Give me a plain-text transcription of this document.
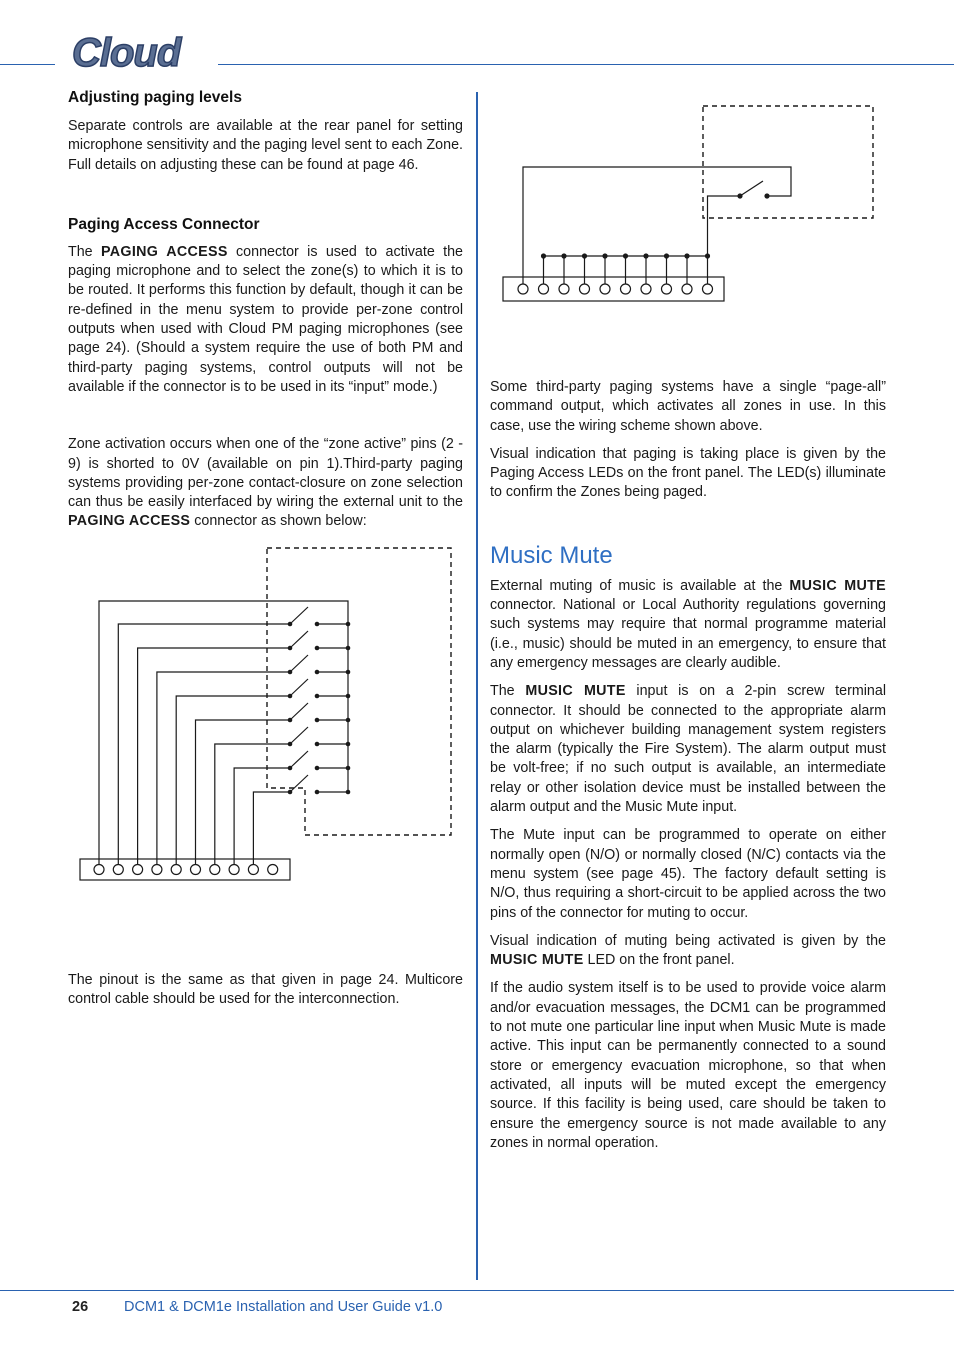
Cloud
Adjusting paging levels

Separate controls are available at the rear panel for setting microphone sensitivity and the paging level sent to each Zone. Full details on adjusting these can be found at page 46.

Paging Access Connector

The PAGING ACCESS connector is used to activate the paging microphone and to select the zone(s) to which it is to be routed. It performs this function by default, though it can be re-defined in the menu system to provide per-zone control outputs when used with Cloud PM paging microphones (see page 24). (Should a system require the use of both PM and third-party paging systems, control outputs will not be available if the connector is to be used in its “input” mode.)

Zone activation occurs when one of the “zone active” pins (2 - 9) is shorted to 0V (available on pin 1).Third-party paging systems providing per-zone contact-closure on zone selection can thus be easily interfaced by wiring the external unit to the PAGING ACCESS connector as shown below:

The pinout is the same as that given in page 24. Multicore control cable should be used for the interconnection.

Some third-party paging systems have a single “page-all” command output, which activates all zones in use. In this case, use the wiring scheme shown above.

Visual indication that paging is taking place is given by the Paging Access LEDs on the front panel. The LED(s) illuminate to confirm the Zones being paged.

Music Mute

External muting of music is available at the MUSIC MUTE connector. National or Local Authority regulations governing such systems may require that normal programme material (i.e., music) should be muted in an emergency, to ensure that any emergency messages are clearly audible.

The MUSIC MUTE input is on a 2-pin screw terminal connector. It should be connected to the appropriate alarm output on whichever building management system registers the alarm (typically the Fire System). The alarm output must be volt-free; if no such output is available, an intermediate relay or other isolation device must be installed between the alarm output and the Music Mute input.

The Mute input can be programmed to operate on either normally open (N/O) or normally closed (N/C) contacts via the menu system (see page 45). The factory default setting is N/O, thus requiring a short-circuit to be applied across the two pins of the connector for muting to occur.

Visual indication of muting being activated is given by the MUSIC MUTE LED on the front panel.

If the audio system itself is to be used to provide voice alarm and/or evacuation messages, the DCM1 can be programmed to not mute one particular line input when Music Mute is made active. This input can be permanently connected to a sound store or emergency evacuation microphone, so that when activated, all inputs will be muted except the emergency source. If this facility is being used, care should be taken to ensure the emergency source is not made available to any zones in normal operation.

26 DCM1 & DCM1e Installation and User Guide v1.0
